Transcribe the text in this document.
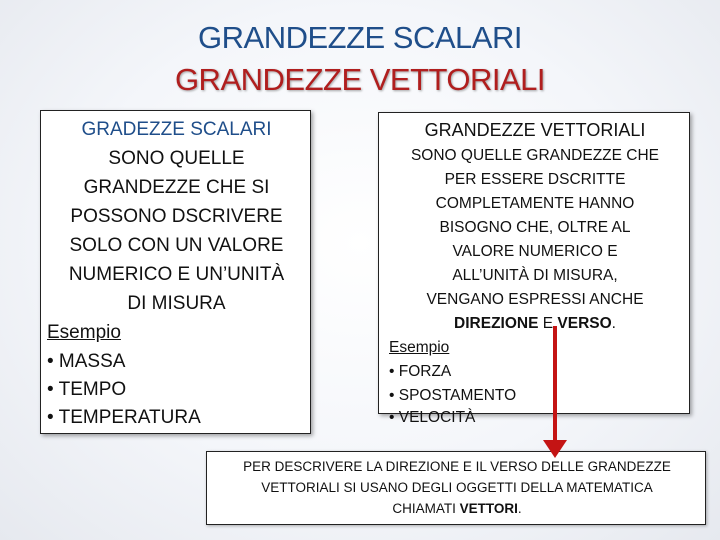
GRANDEZZE SCALARI
GRANDEZZE VETTORIALI
GRADEZZE SCALARI
SONO QUELLE
GRANDEZZE CHE SI
POSSONO DSCRIVERE
SOLO CON UN VALORE
NUMERICO E UN’UNITÀ
DI MISURA
Esempio
• MASSA
• TEMPO
• TEMPERATURA
GRANDEZZE VETTORIALI
SONO QUELLE GRANDEZZE CHE
PER ESSERE DSCRITTE
COMPLETAMENTE HANNO
BISOGNO CHE, OLTRE AL
VALORE NUMERICO E
ALL’UNITÀ DI MISURA,
VENGANO ESPRESSI ANCHE
DIREZIONE E VERSO.
Esempio
• FORZA
• SPOSTAMENTO
• VELOCITÀ
PER DESCRIVERE LA DIREZIONE E IL VERSO DELLE GRANDEZZE
VETTORIALI SI USANO DEGLI OGGETTI DELLA MATEMATICA
CHIAMATI VETTORI.
